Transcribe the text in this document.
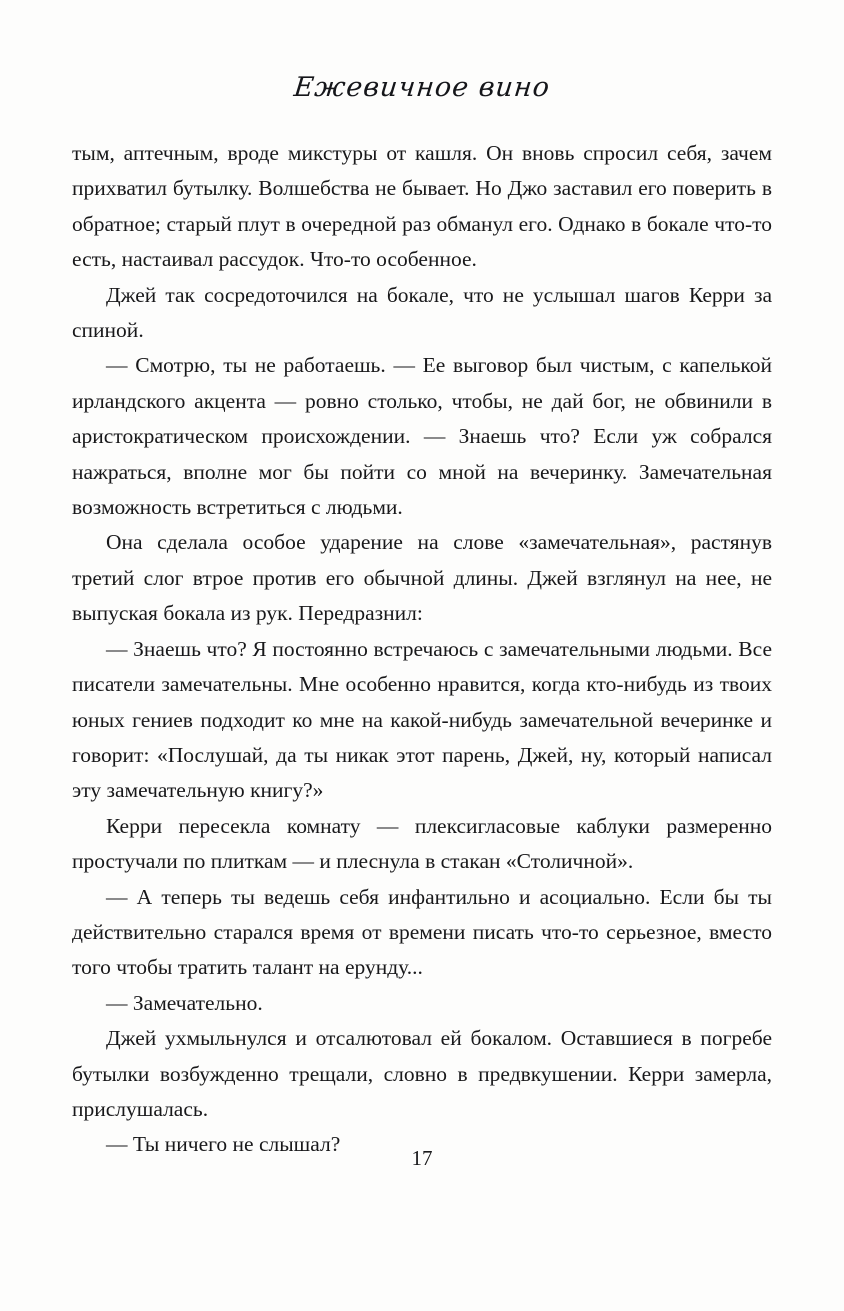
Ежевичное вино

тым, аптечным, вроде микстуры от кашля. Он вновь спросил себя, зачем прихватил бутылку. Волшебства не бывает. Но Джо заставил его поверить в обратное; старый плут в очередной раз обманул его. Однако в бокале что-то есть, настаивал рассудок. Что-то особенное.

Джей так сосредоточился на бокале, что не услышал шагов Керри за спиной.

— Смотрю, ты не работаешь. — Ее выговор был чистым, с капелькой ирландского акцента — ровно столько, чтобы, не дай бог, не обвинили в аристократическом происхождении. — Знаешь что? Если уж собрался нажраться, вполне мог бы пойти со мной на вечеринку. Замечательная возможность встретиться с людьми.

Она сделала особое ударение на слове «замечательная», растянув третий слог втрое против его обычной длины. Джей взглянул на нее, не выпуская бокала из рук. Передразнил:

— Знаешь что? Я постоянно встречаюсь с замечательными людьми. Все писатели замечательны. Мне особенно нравится, когда кто-нибудь из твоих юных гениев подходит ко мне на какой-нибудь замечательной вечеринке и говорит: «Послушай, да ты никак этот парень, Джей, ну, который написал эту замечательную книгу?»

Керри пересекла комнату — плексигласовые каблуки размеренно простучали по плиткам — и плеснула в стакан «Столичной».

— А теперь ты ведешь себя инфантильно и асоциально. Если бы ты действительно старался время от времени писать что-то серьезное, вместо того чтобы тратить талант на ерунду...

— Замечательно.

Джей ухмыльнулся и отсалютовал ей бокалом. Оставшиеся в погребе бутылки возбужденно трещали, словно в предвкушении. Керри замерла, прислушалась.

— Ты ничего не слышал?

17
